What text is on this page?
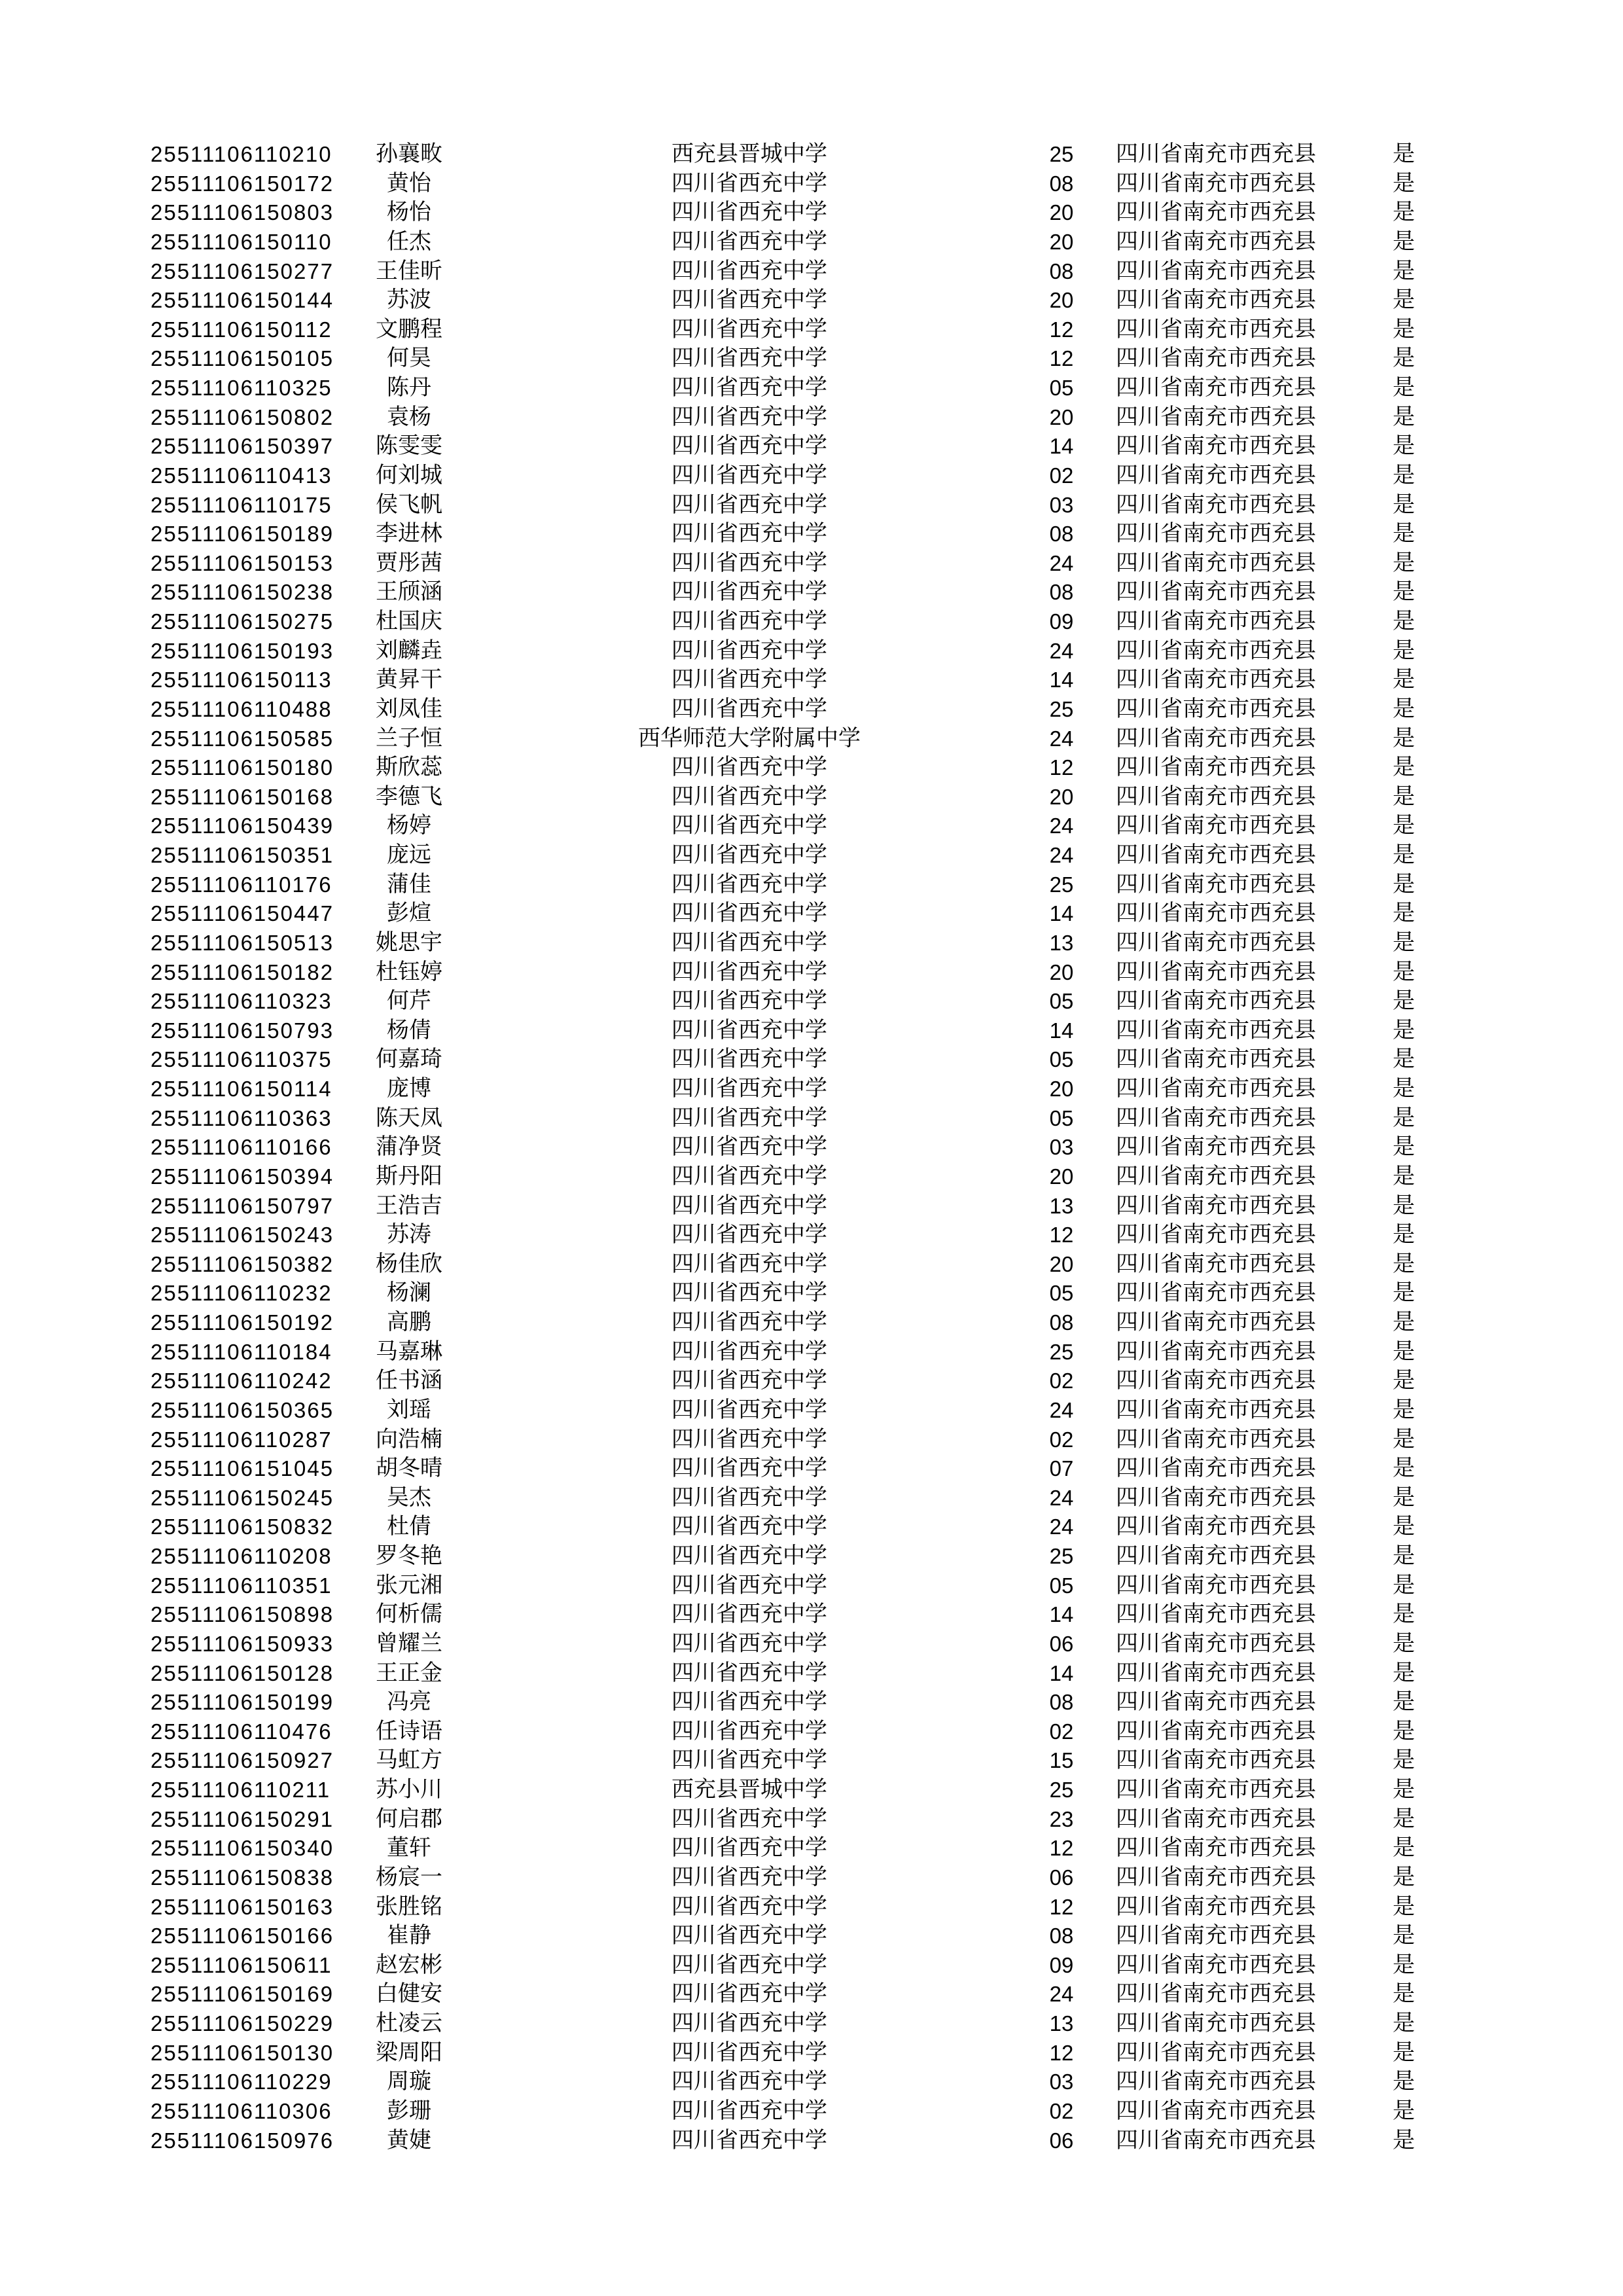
25511106110210	孙襄畋	西充县晋城中学	25	四川省南充市西充县	是
25511106150172	黄怡	四川省西充中学	08	四川省南充市西充县	是
25511106150803	杨怡	四川省西充中学	20	四川省南充市西充县	是
25511106150110	任杰	四川省西充中学	20	四川省南充市西充县	是
25511106150277	王佳昕	四川省西充中学	08	四川省南充市西充县	是
25511106150144	苏波	四川省西充中学	20	四川省南充市西充县	是
25511106150112	文鹏程	四川省西充中学	12	四川省南充市西充县	是
25511106150105	何昊	四川省西充中学	12	四川省南充市西充县	是
25511106110325	陈丹	四川省西充中学	05	四川省南充市西充县	是
25511106150802	袁杨	四川省西充中学	20	四川省南充市西充县	是
25511106150397	陈雯雯	四川省西充中学	14	四川省南充市西充县	是
25511106110413	何刘城	四川省西充中学	02	四川省南充市西充县	是
25511106110175	侯飞帆	四川省西充中学	03	四川省南充市西充县	是
25511106150189	李进林	四川省西充中学	08	四川省南充市西充县	是
25511106150153	贾彤茜	四川省西充中学	24	四川省南充市西充县	是
25511106150238	王颀涵	四川省西充中学	08	四川省南充市西充县	是
25511106150275	杜国庆	四川省西充中学	09	四川省南充市西充县	是
25511106150193	刘麟垚	四川省西充中学	24	四川省南充市西充县	是
25511106150113	黄昇干	四川省西充中学	14	四川省南充市西充县	是
25511106110488	刘凤佳	四川省西充中学	25	四川省南充市西充县	是
25511106150585	兰子恒	西华师范大学附属中学	24	四川省南充市西充县	是
25511106150180	斯欣蕊	四川省西充中学	12	四川省南充市西充县	是
25511106150168	李德飞	四川省西充中学	20	四川省南充市西充县	是
25511106150439	杨婷	四川省西充中学	24	四川省南充市西充县	是
25511106150351	庞远	四川省西充中学	24	四川省南充市西充县	是
25511106110176	蒲佳	四川省西充中学	25	四川省南充市西充县	是
25511106150447	彭煊	四川省西充中学	14	四川省南充市西充县	是
25511106150513	姚思宇	四川省西充中学	13	四川省南充市西充县	是
25511106150182	杜钰婷	四川省西充中学	20	四川省南充市西充县	是
25511106110323	何芹	四川省西充中学	05	四川省南充市西充县	是
25511106150793	杨倩	四川省西充中学	14	四川省南充市西充县	是
25511106110375	何嘉琦	四川省西充中学	05	四川省南充市西充县	是
25511106150114	庞博	四川省西充中学	20	四川省南充市西充县	是
25511106110363	陈天凤	四川省西充中学	05	四川省南充市西充县	是
25511106110166	蒲净贤	四川省西充中学	03	四川省南充市西充县	是
25511106150394	斯丹阳	四川省西充中学	20	四川省南充市西充县	是
25511106150797	王浩吉	四川省西充中学	13	四川省南充市西充县	是
25511106150243	苏涛	四川省西充中学	12	四川省南充市西充县	是
25511106150382	杨佳欣	四川省西充中学	20	四川省南充市西充县	是
25511106110232	杨澜	四川省西充中学	05	四川省南充市西充县	是
25511106150192	高鹏	四川省西充中学	08	四川省南充市西充县	是
25511106110184	马嘉琳	四川省西充中学	25	四川省南充市西充县	是
25511106110242	任书涵	四川省西充中学	02	四川省南充市西充县	是
25511106150365	刘瑶	四川省西充中学	24	四川省南充市西充县	是
25511106110287	向浩楠	四川省西充中学	02	四川省南充市西充县	是
25511106151045	胡冬晴	四川省西充中学	07	四川省南充市西充县	是
25511106150245	吴杰	四川省西充中学	24	四川省南充市西充县	是
25511106150832	杜倩	四川省西充中学	24	四川省南充市西充县	是
25511106110208	罗冬艳	四川省西充中学	25	四川省南充市西充县	是
25511106110351	张元湘	四川省西充中学	05	四川省南充市西充县	是
25511106150898	何析儒	四川省西充中学	14	四川省南充市西充县	是
25511106150933	曾耀兰	四川省西充中学	06	四川省南充市西充县	是
25511106150128	王正金	四川省西充中学	14	四川省南充市西充县	是
25511106150199	冯亮	四川省西充中学	08	四川省南充市西充县	是
25511106110476	任诗语	四川省西充中学	02	四川省南充市西充县	是
25511106150927	马虹方	四川省西充中学	15	四川省南充市西充县	是
25511106110211	苏小川	西充县晋城中学	25	四川省南充市西充县	是
25511106150291	何启郡	四川省西充中学	23	四川省南充市西充县	是
25511106150340	董轩	四川省西充中学	12	四川省南充市西充县	是
25511106150838	杨宸一	四川省西充中学	06	四川省南充市西充县	是
25511106150163	张胜铭	四川省西充中学	12	四川省南充市西充县	是
25511106150166	崔静	四川省西充中学	08	四川省南充市西充县	是
25511106150611	赵宏彬	四川省西充中学	09	四川省南充市西充县	是
25511106150169	白健安	四川省西充中学	24	四川省南充市西充县	是
25511106150229	杜凌云	四川省西充中学	13	四川省南充市西充县	是
25511106150130	梁周阳	四川省西充中学	12	四川省南充市西充县	是
25511106110229	周璇	四川省西充中学	03	四川省南充市西充县	是
25511106110306	彭珊	四川省西充中学	02	四川省南充市西充县	是
25511106150976	黄婕	四川省西充中学	06	四川省南充市西充县	是
